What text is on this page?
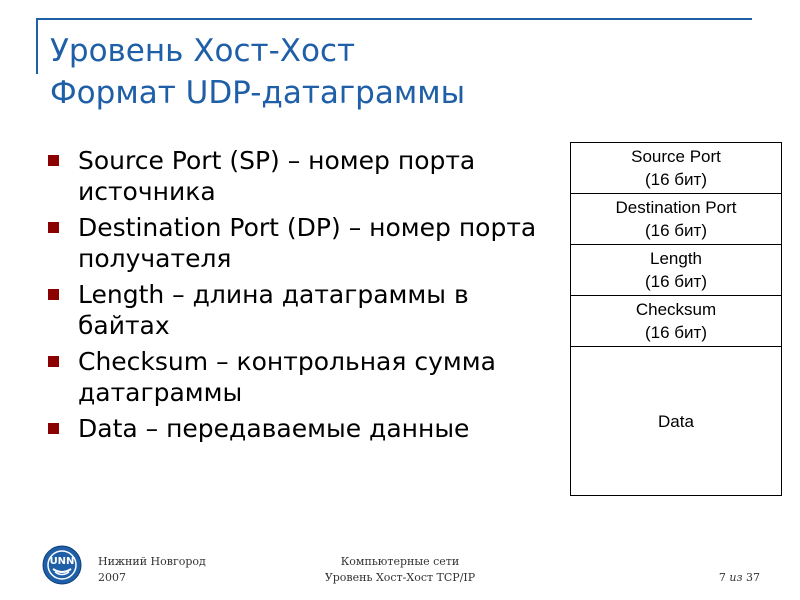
Уровень Хост-Хост
Формат UDP-датаграммы
Source Port (SP) – номер порта источника
Destination Port (DP) – номер порта получателя
Length – длина датаграммы в байтах
Checksum – контрольная сумма датаграммы
Data – передаваемые данные
Source Port
(16 бит)
Destination Port
(16 бит)
Length
(16 бит)
Checksum
(16 бит)
Data
UNN Нижний Новгород
2007
Компьютерные сети
Уровень Хост-Хост TCP/IP	7 из 37
